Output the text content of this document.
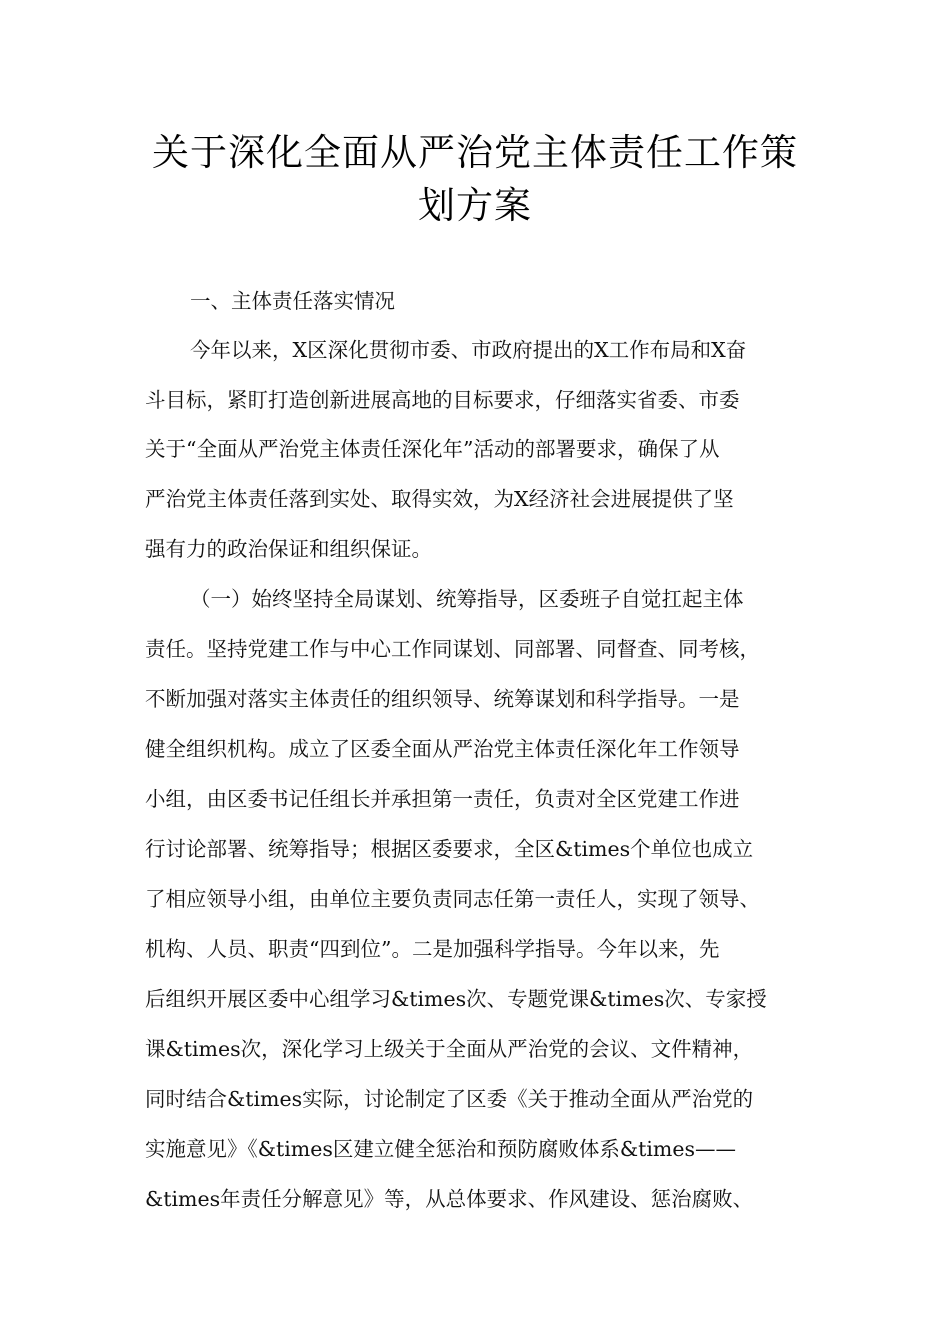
关于深化全面从严治党主体责任工作策
划方案
一、主体责任落实情况
今年以来，X区深化贯彻市委、市政府提出的X工作布局和X奋
斗目标，紧盯打造创新进展高地的目标要求，仔细落实省委、市委
关于“全面从严治党主体责任深化年”活动的部署要求，确保了从
严治党主体责任落到实处、取得实效，为X经济社会进展提供了坚
强有力的政治保证和组织保证。
（一）始终坚持全局谋划、统筹指导，区委班子自觉扛起主体
责任。坚持党建工作与中心工作同谋划、同部署、同督查、同考核，
不断加强对落实主体责任的组织领导、统筹谋划和科学指导。一是
健全组织机构。成立了区委全面从严治党主体责任深化年工作领导
小组，由区委书记任组长并承担第一责任，负责对全区党建工作进
行讨论部署、统筹指导；根据区委要求，全区&times个单位也成立
了相应领导小组，由单位主要负责同志任第一责任人，实现了领导、
机构、人员、职责“四到位”。二是加强科学指导。今年以来，先
后组织开展区委中心组学习&times次、专题党课&times次、专家授
课&times次，深化学习上级关于全面从严治党的会议、文件精神，
同时结合&times实际，讨论制定了区委《关于推动全面从严治党的
实施意见》《&times区建立健全惩治和预防腐败体系&times——
&times年责任分解意见》等，从总体要求、作风建设、惩治腐败、
